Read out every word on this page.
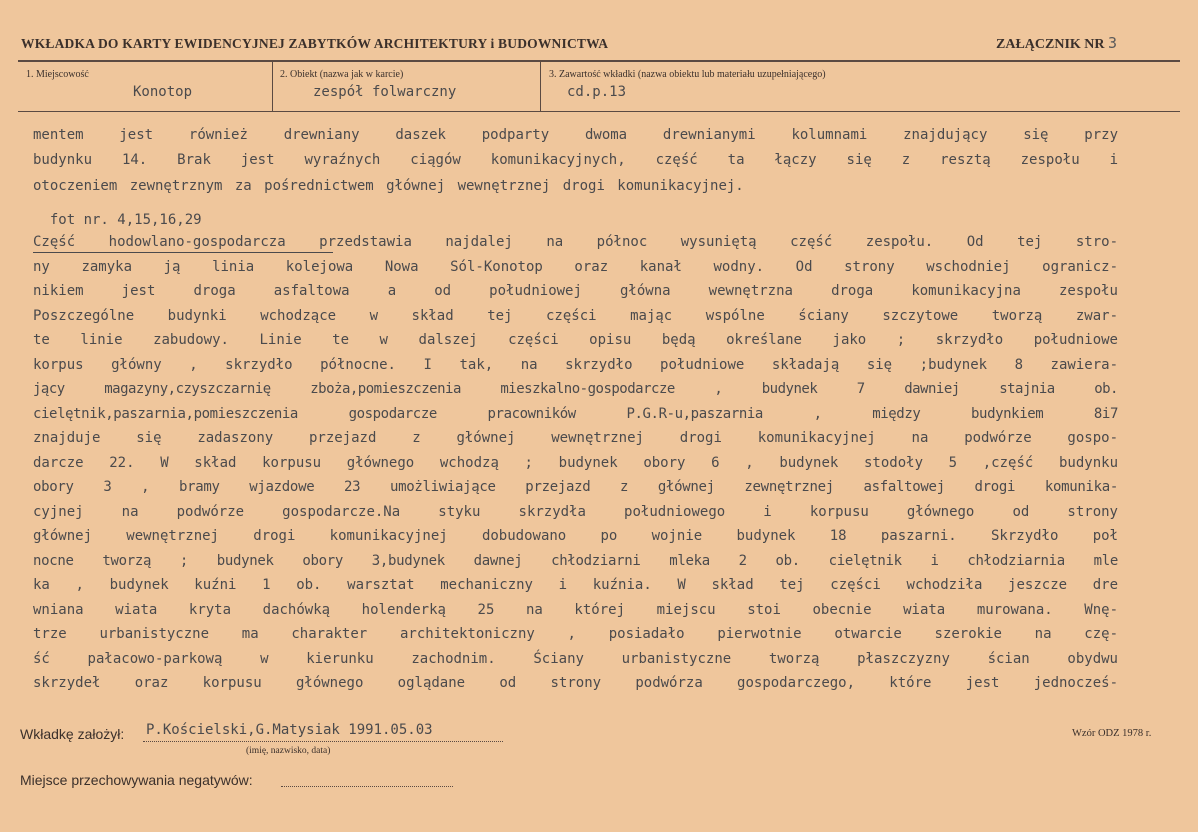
WKŁADKA DO KARTY EWIDENCYJNEJ ZABYTKÓW ARCHITEKTURY i BUDOWNICTWA	ZAŁĄCZNIK NR 3
1. Miejscowość
Konotop
2. Obiekt (nazwa jak w karcie)
zespół folwarczny
3. Zawartość wkładki (nazwa obiektu lub materiału uzupełniającego)
cd.p.13
mentem jest również drewniany daszek podparty dwoma drewnianymi kolumnami znajdujący się przy
budynku 14. Brak jest wyraźnych ciągów komunikacyjnych, część ta łączy się z resztą zespołu i
otoczeniem zewnętrznym za pośrednictwem głównej wewnętrznej drogi komunikacyjnej.
fot nr. 4,15,16,29
Część hodowlano-gospodarcza przedstawia najdalej na północ wysuniętą część zespołu. Od tej stro-
ny zamyka ją linia kolejowa Nowa Sól-Konotop oraz kanał wodny. Od strony wschodniej ogranicz-
nikiem jest droga asfaltowa a od południowej główna wewnętrzna droga komunikacyjna zespołu
Poszczególne budynki wchodzące w skład tej części mając wspólne ściany szczytowe tworzą zwar-
te linie zabudowy. Linie te w dalszej części opisu będą określane jako ; skrzydło południowe
korpus główny , skrzydło północne. I tak, na skrzydło południowe składają się ;budynek 8 zawiera-
jący magazyny,czyszczarnię zboża,pomieszczenia mieszkalno-gospodarcze , budynek 7 dawniej stajnia ob.
cielętnik,paszarnia,pomieszczenia gospodarcze pracowników P.G.R-u,paszarnia , między budynkiem 8i7
znajduje się zadaszony przejazd z głównej wewnętrznej drogi komunikacyjnej na podwórze gospo-
darcze 22. W skład korpusu głównego wchodzą ; budynek obory 6 , budynek stodoły 5 ,część budynku
obory 3 , bramy wjazdowe 23 umożliwiające przejazd z głównej zewnętrznej asfaltowej drogi komunika-
cyjnej na podwórze gospodarcze.Na styku skrzydła południowego i korpusu głównego od strony
głównej wewnętrznej drogi komunikacyjnej dobudowano po wojnie budynek 18 paszarni. Skrzydło poł
nocne tworzą ; budynek obory 3,budynek dawnej chłodziarni mleka 2 ob. cielętnik i chłodziarnia mle
ka , budynek kuźni 1 ob. warsztat mechaniczny i kuźnia. W skład tej części wchodziła jeszcze dre
wniana wiata kryta dachówką holenderką 25 na której miejscu stoi obecnie wiata murowana. Wnę-
trze urbanistyczne ma charakter architektoniczny , posiadało pierwotnie otwarcie szerokie na czę-
ść pałacowo-parkową w kierunku zachodnim. Ściany urbanistyczne tworzą płaszczyzny ścian obydwu
skrzydeł oraz korpusu głównego oglądane od strony podwórza gospodarczego, które jest jednocześ-
Wkładkę założył: P.Kościelski,G.Matysiak 1991.05.03
(imię, nazwisko, data)
Wzór ODZ 1978 r.
Miejsce przechowywania negatywów:
